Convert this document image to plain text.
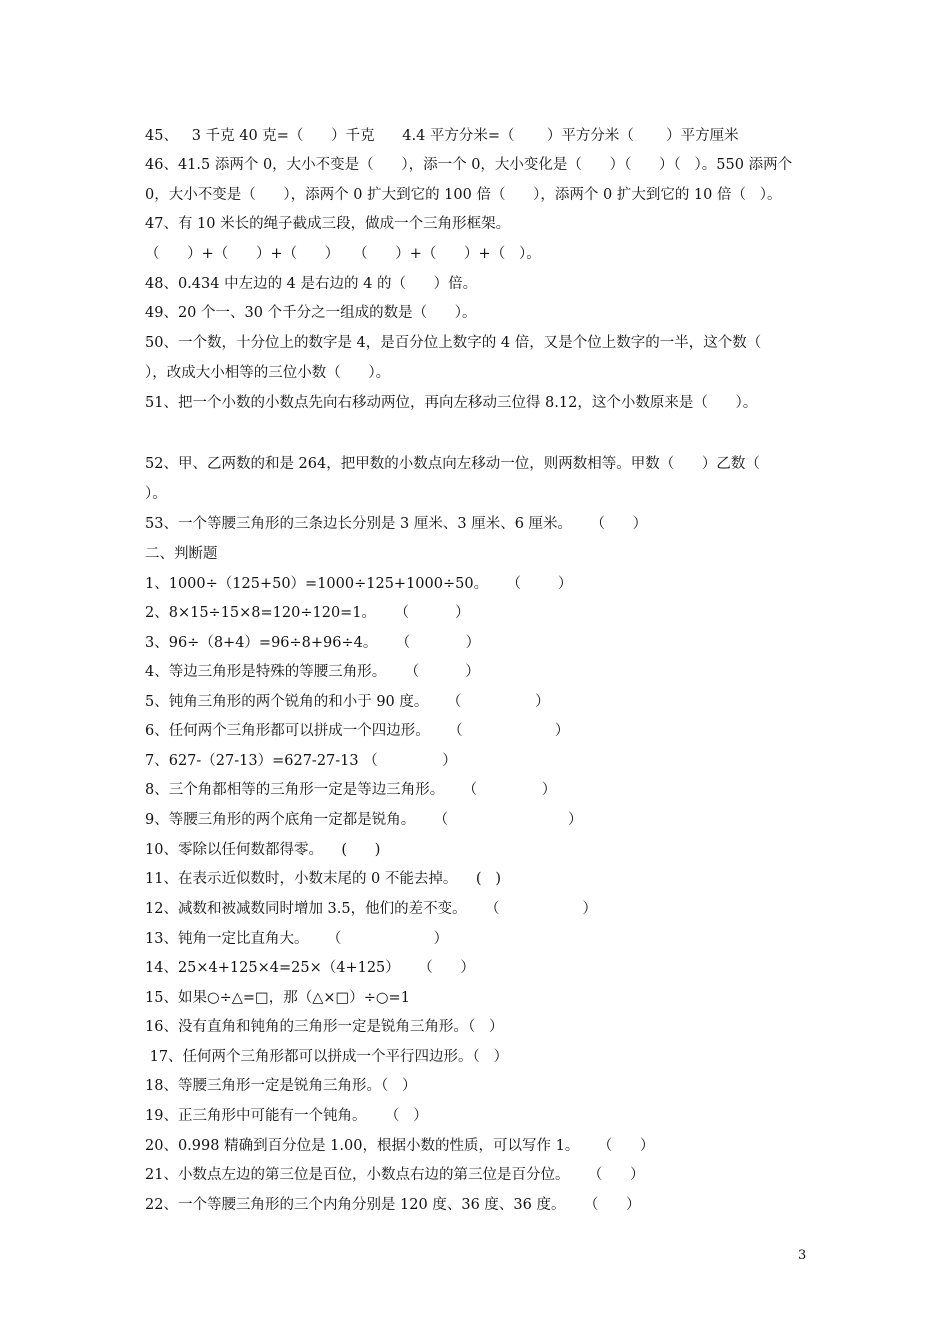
45、   3 千克 40 克=（      ）千克      4.4 平方分米=（       ）平方分米（       ）平方厘米
46、41.5 添两个 0，大小不变是（      ），添一个 0，大小变化是（      ）（      ）（   ）。550 添两个
0，大小不变是（      ），添两个 0 扩大到它的 100 倍（      ），添两个 0 扩大到它的 10 倍（   ）。
47、有 10 米长的绳子截成三段，做成一个三角形框架。
（      ）+（      ）+（      ）   （      ）+（      ）+（   ）。
48、0.434 中左边的 4 是右边的 4 的（      ）倍。
49、20 个一、30 个千分之一组成的数是（      ）。
50、一个数，十分位上的数字是 4，是百分位上数字的 4 倍，又是个位上数字的一半，这个数（
），改成大小相等的三位小数（      ）。
51、把一个小数的小数点先向右移动两位，再向左移动三位得 8.12，这个小数原来是（      ）。
52、甲、乙两数的和是 264，把甲数的小数点向左移动一位，则两数相等。甲数（      ）乙数（
）。
53、一个等腰三角形的三条边长分别是 3 厘米、3 厘米、6 厘米。    （      ）
二、判断题
1、1000÷（125+50）=1000÷125+1000÷50。    （        ）
2、8×15÷15×8=120÷120=1。    （          ）
3、96÷（8+4）=96÷8+96÷4。    （            ）
4、等边三角形是特殊的等腰三角形。    （          ）
5、钝角三角形的两个锐角的和小于 90 度。    （                ）
6、任何两个三角形都可以拼成一个四边形。    （                    ）
7、627-（27-13）=627-27-13 （              ）
8、三个角都相等的三角形一定是等边三角形。    （              ）
9、等腰三角形的两个底角一定都是锐角。    （                          ）
10、零除以任何数都得零。    (      )
11、在表示近似数时，小数末尾的 0 不能去掉。    (   )
12、减数和被减数同时增加 3.5，他们的差不变。    （                  ）
13、钝角一定比直角大。    （                    ）
14、25×4+125×4=25×（4+125）    （      ）
15、如果○÷△=□，那（△×□）÷○=1
16、没有直角和钝角的三角形一定是锐角三角形。（   ）
17、任何两个三角形都可以拼成一个平行四边形。（   ）
18、等腰三角形一定是锐角三角形。（   ）
19、正三角形中可能有一个钝角。    （   ）
20、0.998 精确到百分位是 1.00，根据小数的性质，可以写作 1。    （      ）
21、小数点左边的第三位是百位，小数点右边的第三位是百分位。    （      ）
22、一个等腰三角形的三个内角分别是 120 度、36 度、36 度。    （      ）
3
